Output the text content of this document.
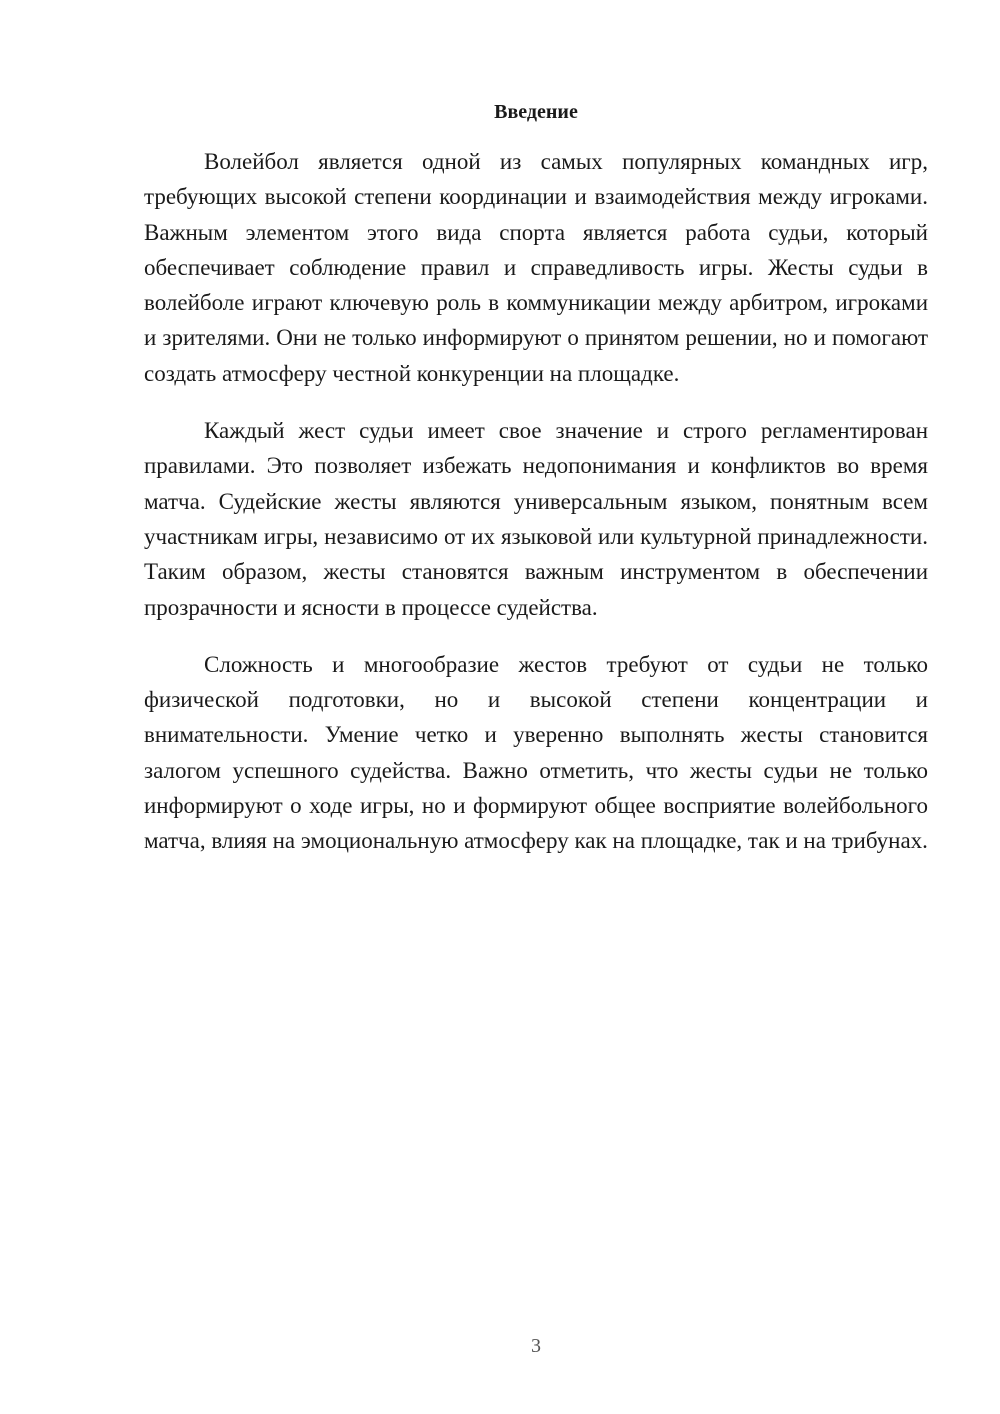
Введение

Волейбол является одной из самых популярных командных игр, требующих высокой степени координации и взаимодействия между игроками. Важным элементом этого вида спорта является работа судьи, который обеспечивает соблюдение правил и справедливость игры. Жесты судьи в волейболе играют ключевую роль в коммуникации между арбитром, игроками и зрителями. Они не только информируют о принятом решении, но и помогают создать атмосферу честной конкуренции на площадке.

Каждый жест судьи имеет свое значение и строго регламентирован правилами. Это позволяет избежать недопонимания и конфликтов во время матча. Судейские жесты являются универсальным языком, понятным всем участникам игры, независимо от их языковой или культурной принадлежности. Таким образом, жесты становятся важным инструментом в обеспечении прозрачности и ясности в процессе судейства.

Сложность и многообразие жестов требуют от судьи не только физической подготовки, но и высокой степени концентрации и внимательности. Умение четко и уверенно выполнять жесты становится залогом успешного судейства. Важно отметить, что жесты судьи не только информируют о ходе игры, но и формируют общее восприятие волейбольного матча, влияя на эмоциональную атмосферу как на площадке, так и на трибунах.

3
